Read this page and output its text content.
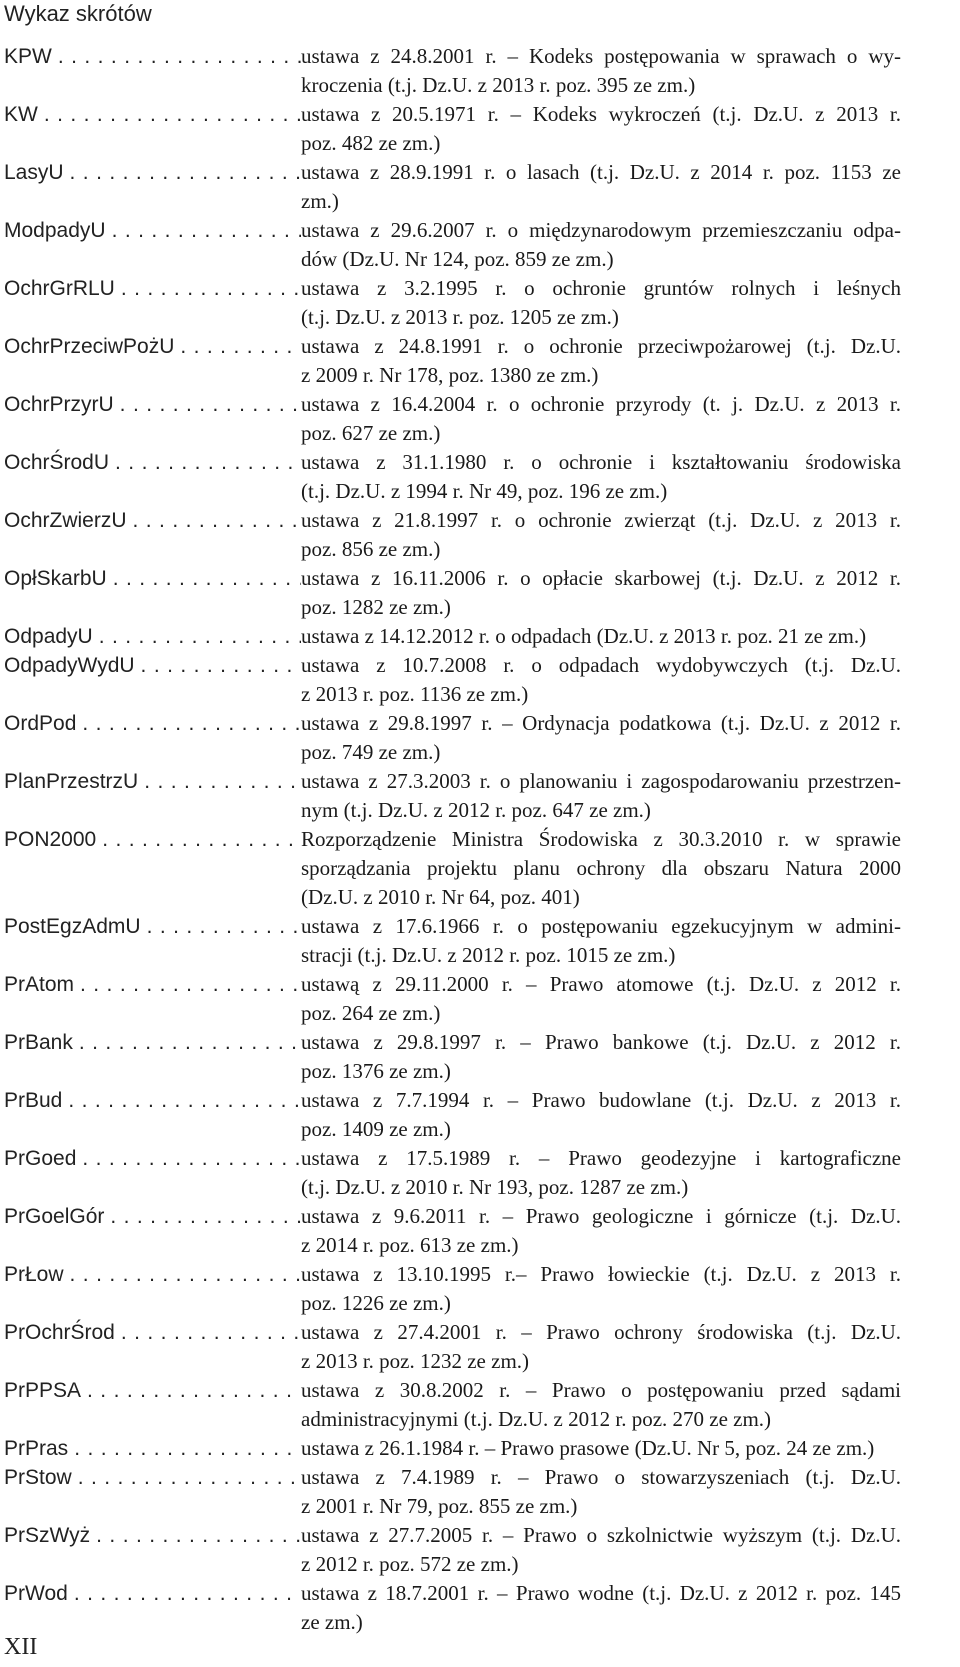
Wykaz skrótów
KPW . . .	ustawa z 24.8.2001 r. – Kodeks postępowania w sprawach o wy-
kroczenia (t.j. Dz.U. z 2013 r. poz. 395 ze zm.)
KW . . .	ustawa z 20.5.1971 r. – Kodeks wykroczeń (t.j. Dz.U. z 2013 r.
poz. 482 ze zm.)
LasyU . . .	ustawa z 28.9.1991 r. o lasach (t.j. Dz.U. z 2014 r. poz. 1153 ze
zm.)
ModpadyU . . .	ustawa z 29.6.2007 r. o międzynarodowym przemieszczaniu odpa-
dów (Dz.U. Nr 124, poz. 859 ze zm.)
OchrGrRLU . . .	ustawa z 3.2.1995 r. o ochronie gruntów rolnych i leśnych
(t.j. Dz.U. z 2013 r. poz. 1205 ze zm.)
OchrPrzeciwPożU . . .	ustawa z 24.8.1991 r. o ochronie przeciwpożarowej (t.j. Dz.U.
z 2009 r. Nr 178, poz. 1380 ze zm.)
OchrPrzyrU . . .	ustawa z 16.4.2004 r. o ochronie przyrody (t. j. Dz.U. z 2013 r.
poz. 627 ze zm.)
OchrŚrodU . . .	ustawa z 31.1.1980 r. o ochronie i kształtowaniu środowiska
(t.j. Dz.U. z 1994 r. Nr 49, poz. 196 ze zm.)
OchrZwierzU . . .	ustawa z 21.8.1997 r. o ochronie zwierząt (t.j. Dz.U. z 2013 r.
poz. 856 ze zm.)
OpłSkarbU . . .	ustawa z 16.11.2006 r. o opłacie skarbowej (t.j. Dz.U. z 2012 r.
poz. 1282 ze zm.)
OdpadyU . . .	ustawa z 14.12.2012 r. o odpadach (Dz.U. z 2013 r. poz. 21 ze zm.)
OdpadyWydU . . .	ustawa z 10.7.2008 r. o odpadach wydobywczych (t.j. Dz.U.
z 2013 r. poz. 1136 ze zm.)
OrdPod . . .	ustawa z 29.8.1997 r. – Ordynacja podatkowa (t.j. Dz.U. z 2012 r.
poz. 749 ze zm.)
PlanPrzestrzU . . .	ustawa z 27.3.2003 r. o planowaniu i zagospodarowaniu przestrzen-
nym (t.j. Dz.U. z 2012 r. poz. 647 ze zm.)
PON2000 . . .	Rozporządzenie Ministra Środowiska z 30.3.2010 r. w sprawie
sporządzania projektu planu ochrony dla obszaru Natura 2000
(Dz.U. z 2010 r. Nr 64, poz. 401)
PostEgzAdmU . . .	ustawa z 17.6.1966 r. o postępowaniu egzekucyjnym w admini-
stracji (t.j. Dz.U. z 2012 r. poz. 1015 ze zm.)
PrAtom . . .	ustawą z 29.11.2000 r. – Prawo atomowe (t.j. Dz.U. z 2012 r.
poz. 264 ze zm.)
PrBank . . .	ustawa z 29.8.1997 r. – Prawo bankowe (t.j. Dz.U. z 2012 r.
poz. 1376 ze zm.)
PrBud . . .	ustawa z 7.7.1994 r. – Prawo budowlane (t.j. Dz.U. z 2013 r.
poz. 1409 ze zm.)
PrGoed . . .	ustawa z 17.5.1989 r. – Prawo geodezyjne i kartograficzne
(t.j. Dz.U. z 2010 r. Nr 193, poz. 1287 ze zm.)
PrGoelGór . . .	ustawa z 9.6.2011 r. – Prawo geologiczne i górnicze (t.j. Dz.U.
z 2014 r. poz. 613 ze zm.)
PrŁow . . .	ustawa z 13.10.1995 r.– Prawo łowieckie (t.j. Dz.U. z 2013 r.
poz. 1226 ze zm.)
PrOchrŚrod . . .	ustawa z 27.4.2001 r. – Prawo ochrony środowiska (t.j. Dz.U.
z 2013 r. poz. 1232 ze zm.)
PrPPSA . . .	ustawa z 30.8.2002 r. – Prawo o postępowaniu przed sądami
administracyjnymi (t.j. Dz.U. z 2012 r. poz. 270 ze zm.)
PrPras . . .	ustawa z 26.1.1984 r. – Prawo prasowe (Dz.U. Nr 5, poz. 24 ze zm.)
PrStow . . .	ustawa z 7.4.1989 r. – Prawo o stowarzyszeniach (t.j. Dz.U.
z 2001 r. Nr 79, poz. 855 ze zm.)
PrSzWyż . . .	ustawa z 27.7.2005 r. – Prawo o szkolnictwie wyższym (t.j. Dz.U.
z 2012 r. poz. 572 ze zm.)
PrWod . . .	ustawa z 18.7.2001 r. – Prawo wodne (t.j. Dz.U. z 2012 r. poz. 145
ze zm.)
XII
